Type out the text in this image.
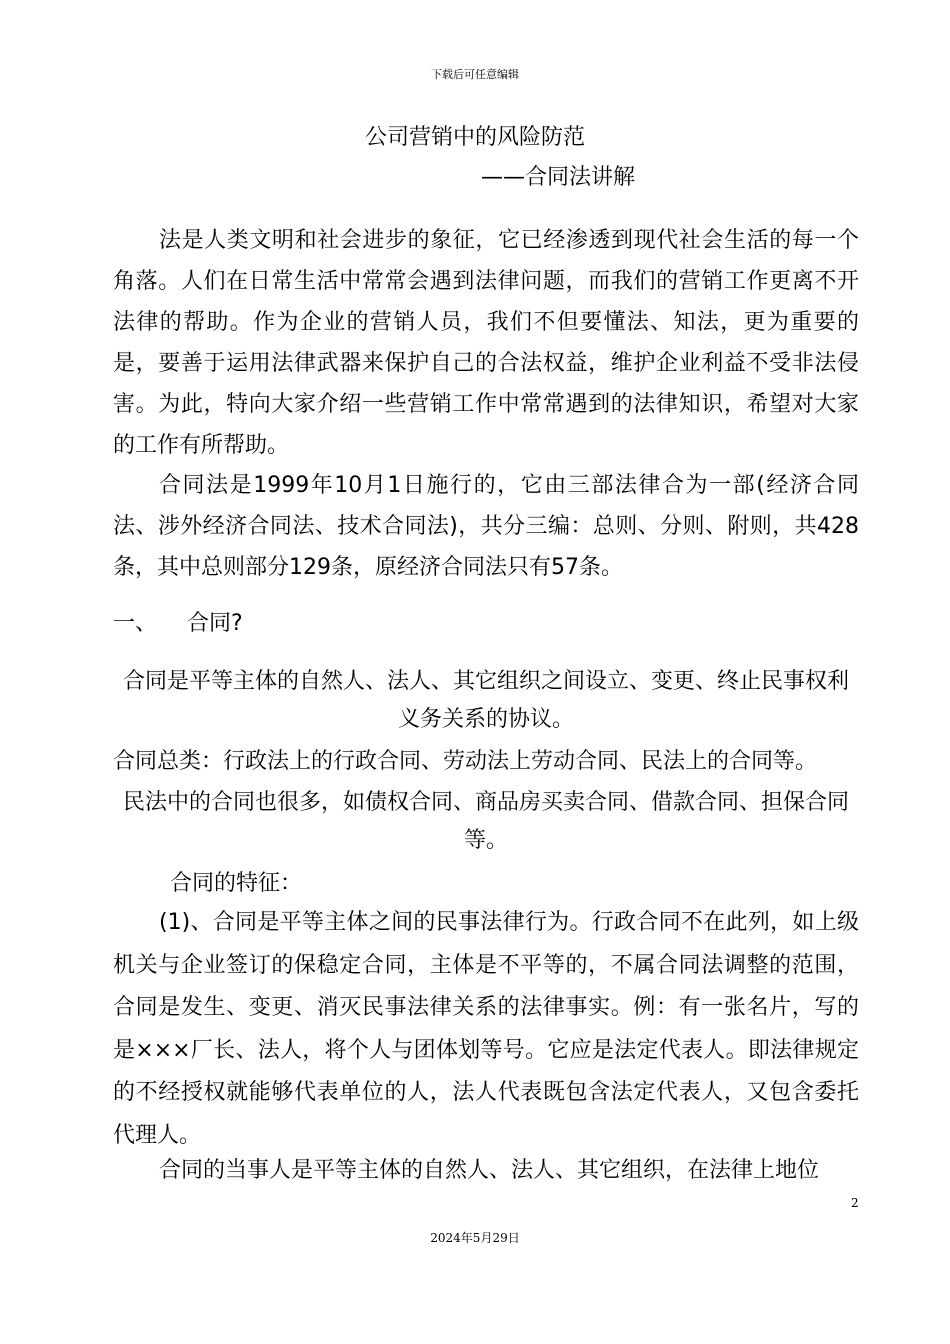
下载后可任意编辑
公司营销中的风险防范
——合同法讲解

法是人类文明和社会进步的象征，它已经渗透到现代社会生活的每一个角落。人们在日常生活中常常会遇到法律问题，而我们的营销工作更离不开法律的帮助。作为企业的营销人员，我们不但要懂法、知法，更为重要的是，要善于运用法律武器来保护自己的合法权益，维护企业利益不受非法侵害。为此，特向大家介绍一些营销工作中常常遇到的法律知识，希望对大家的工作有所帮助。

合同法是1999年10月1日施行的，它由三部法律合为一部(经济合同法、涉外经济合同法、技术合同法)，共分三编：总则、分则、附则，共428条，其中总则部分129条，原经济合同法只有57条。

一、 合同?
合同是平等主体的自然人、法人、其它组织之间设立、变更、终止民事权利义务关系的协议。
合同总类：行政法上的行政合同、劳动法上劳动合同、民法上的合同等。
民法中的合同也很多，如债权合同、商品房买卖合同、借款合同、担保合同等。
合同的特征：

(1)、合同是平等主体之间的民事法律行为。行政合同不在此列，如上级机关与企业签订的保稳定合同，主体是不平等的，不属合同法调整的范围，合同是发生、变更、消灭民事法律关系的法律事实。例：有一张名片，写的是×××厂长、法人，将个人与团体划等号。它应是法定代表人。即法律规定的不经授权就能够代表单位的人，法人代表既包含法定代表人，又包含委托代理人。

合同的当事人是平等主体的自然人、法人、其它组织，在法律上地位

2
2024年5月29日
